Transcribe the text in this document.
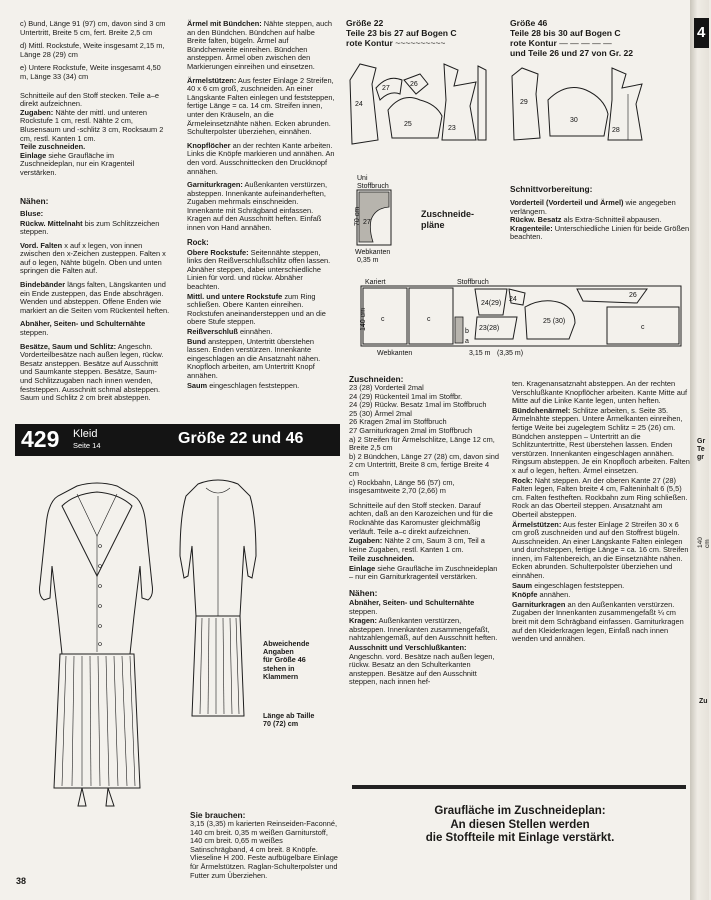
c) Bund, Länge 91 (97) cm, davon sind 3 cm Untertritt, Breite 5 cm, fert. Breite 2,5 cm

d) Mittl. Rockstufe, Weite insgesamt 2,15 m, Länge 28 (29) cm

e) Untere Rockstufe, Weite insgesamt 4,50 m, Länge 33 (34) cm

Schnitteile auf den Stoff stecken. Teile a–e direkt aufzeichnen.

Zugaben: Nähte der mittl. und unteren Rockstufe 1 cm, restl. Nähte 2 cm, Blusensaum und -schlitz 3 cm, Rocksaum 2 cm, restl. Kanten 1 cm.

Teile zuschneiden.

Einlage siehe Graufläche im Zuschneideplan, nur ein Kragenteil verstärken.

Nähen:

Bluse:

Rückw. Mittelnaht bis zum Schlitzzeichen steppen.

Vord. Falten x auf x legen, von innen zwischen den x-Zeichen zusteppen. Falten x auf o legen, Nähte bügeln. Oben und unten springen die Falten auf.

Bindebänder längs falten, Längskanten und ein Ende zusteppen, das Ende abschrägen. Wenden und absteppen. Offene Enden wie markiert an die Seiten vom Rückenteil heften.

Abnäher, Seiten- und Schulternähte steppen.

Besätze, Saum und Schlitz: Angeschn. Vorderteilbesätze nach außen legen, rückw. Besatz ansteppen. Besätze auf Ausschnitt und Saumkante steppen. Besätze, Saum- und Schlitzzugaben nach innen wenden, feststeppen. Ausschnitt schmal absteppen. Saum und Schlitz 2 cm breit absteppen.

Ärmel mit Bündchen: Nähte steppen, auch an den Bündchen. Bündchen auf halbe Breite falten, bügeln. Ärmel auf Bündchenweite einreihen. Bündchen ansteppen. Ärmel oben zwischen den Markierungen einreihen und einsetzen.

Ärmelstützen: Aus fester Einlage 2 Streifen, 40 x 6 cm groß, zuschneiden. An einer Längskante Falten einlegen und feststeppen, fertige Länge = ca. 14 cm. Streifen innen, unter den Kräuseln, an die Ärmeleinsetznähte nähen. Ecken abrunden. Schulterpolster überziehen, einnähen.

Knopflöcher an der rechten Kante arbeiten. Links die Knöpfe markieren und annähen. An den vord. Ausschnittecken den Druckknopf annähen.

Garniturkragen: Außenkanten verstürzen, absteppen. Innenkante aufeinanderheften, Zugaben mehrmals einschneiden. Innenkante mit Schrägband einfassen. Kragen auf den Ausschnitt heften. Einfaß innen von Hand annähen.

Rock:

Obere Rockstufe: Seitennähte steppen, links den Reißverschlußschlitz offen lassen. Abnäher steppen, dabei unterschiedliche Linien für vord. und rückw. Abnäher beachten.

Mittl. und untere Rockstufe zum Ring schließen. Obere Kanten einreihen. Rockstufen aneinandersteppen und an die obere Stufe steppen.

Reißverschluß einnähen.

Bund ansteppen, Untertritt überstehen lassen. Enden verstürzen. Innenkante eingeschlagen an die Ansatznaht nähen. Knopfloch arbeiten, am Untertritt Knopf annähen.

Saum eingeschlagen feststeppen.

429 Kleid
Seite 14	Größe 22 und 46
Abweichende
Angaben
für Größe 46
stehen in
Klammern
Länge ab Taille
70 (72) cm

Sie brauchen:

3,15 (3,35) m karierten Reinseiden-Faconné, 140 cm breit. 0,35 m weißen Garniturstoff, 140 cm breit. 0,65 m weißes Satinschrägband, 4 cm breit. 8 Knöpfe. Vlieseline H 200. Feste aufbügelbare Einlage für Ärmelstützen. Raglan-Schulterpolster und Futter zum Überziehen.

Größe 22
Teile 23 bis 27 auf Bogen C
rote Kontur ~~~~~~~~~~
Größe 46
Teile 28 bis 30 auf Bogen C
rote Kontur — — — — —
und Teile 26 und 27 von Gr. 22
24
27
26
25
23
29
30
28
Uni
Stoffbruch
27
70 cm
Webkanten
0,35 m
Zuschneide-
pläne
Kariert	Stoffbruch
c	c
b
a
24(29)
24
23(28)
25 (30)
26
c
140 cm
Webkanten	3,15 m (3,35 m)

Schnittvorbereitung:

Vorderteil (Vorderteil und Ärmel) wie angegeben verlängern.

Rückw. Besatz als Extra-Schnitteil abpausen.

Kragenteile: Unterschiedliche Linien für beide Größen beachten.

Zuschneiden:

23 (28) Vorderteil 2mal
24 (29) Rückenteil 1mal im Stoffbr.
24 (29) Rückw. Besatz 1mal im Stoffbruch
25 (30) Ärmel 2mal
26 Kragen 2mal im Stoffbruch
27 Garniturkragen 2mal im Stoffbruch
a) 2 Streifen für Ärmelschlitze, Länge 12 cm, Breite 2,5 cm
b) 2 Bündchen, Länge 27 (28) cm, davon sind 2 cm Untertritt, Breite 8 cm, fertige Breite 4 cm
c) Rockbahn, Länge 56 (57) cm, insgesamtweite 2,70 (2,66) m

Schnitteile auf den Stoff stecken. Darauf achten, daß an den Karozeichen und für die Rocknähte das Karomuster gleichmäßig verläuft. Teile a–c direkt aufzeichnen.

Zugaben: Nähte 2 cm, Saum 3 cm, Teil a keine Zugaben, restl. Kanten 1 cm.

Teile zuschneiden.

Einlage siehe Graufläche im Zuschneideplan – nur ein Garniturkragenteil verstärken.

Nähen:

Abnäher, Seiten- und Schulternähte steppen.

Kragen: Außenkanten verstürzen, absteppen. Innenkanten zusammengefaßt, nahtzahlengemäß, auf den Ausschnitt heften.

Ausschnitt und Verschlußkanten: Angeschn. vord. Besätze nach außen legen, rückw. Besatz an den Schulterkanten ansteppen. Besätze auf den Ausschnitt steppen, nach innen hef-

ten. Kragenansatznaht absteppen. An der rechten Verschlußkante Knopflöcher arbeiten. Kante Mitte auf Mitte auf die Linke Kante legen, unten heften.

Bündchenärmel: Schlitze arbeiten, s. Seite 35. Ärmelnähte steppen. Untere Ärmelkanten einreihen, fertige Weite bei zugelegtem Schlitz = 25 (26) cm. Bündchen ansteppen – Untertritt an die Schlitzuntertritte, Rest überstehen lassen. Enden verstürzen. Innenkanten eingeschlagen annähen. Ringsum absteppen. Je ein Knopfloch arbeiten. Falten x auf o legen, heften. Ärmel einsetzen.

Rock: Naht steppen. An der oberen Kante 27 (28) Falten legen, Falten breite 4 cm, Falteninhalt 6 (5,5) cm. Falten festheften. Rockbahn zum Ring schließen. Rock an das Oberteil steppen. Ansatznaht am Oberteil absteppen.

Ärmelstützen: Aus fester Einlage 2 Streifen 30 x 6 cm groß zuschneiden und auf den Stoffrest bügeln. Ausschneiden. An einer Längskante Falten einlegen und durchsteppen, fertige Länge = ca. 16 cm. Streifen innen, im Faltenbereich, an die Einsetznähte nähen. Ecken abrunden. Schulterpolster überziehen und einnähen.

Saum eingeschlagen feststeppen.

Knöpfe annähen.

Garniturkragen an den Außenkanten verstürzen. Zugaben der Innenkanten zusammengefaßt ¼ cm breit mit dem Schrägband einfassen. Garniturkragen auf den Kleiderkragen legen, Einfaß nach innen wenden und annähen.

Graufläche im Zuschneideplan:
An diesen Stellen werden
die Stoffteile mit Einlage verstärkt.
38
4
Gr
Te
gr
140 cm
Zu
